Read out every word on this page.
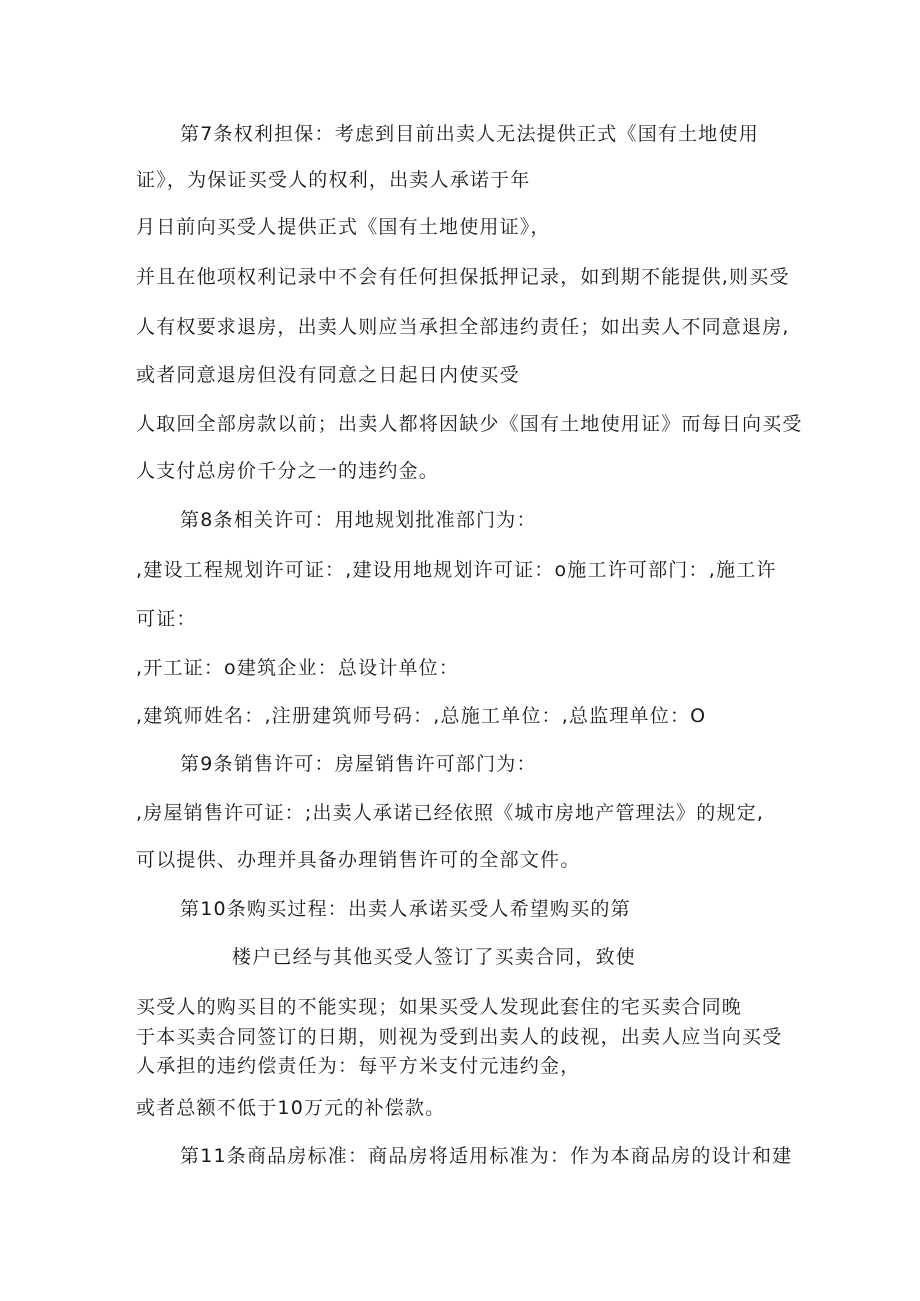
第7条权利担保：考虑到目前出卖人无法提供正式《国有土地使用
证》，为保证买受人的权利，出卖人承诺于年
月日前向买受人提供正式《国有土地使用证》，
并且在他项权利记录中不会有任何担保抵押记录，如到期不能提供,则买受
人有权要求退房，出卖人则应当承担全部违约责任；如出卖人不同意退房,
或者同意退房但没有同意之日起日内使买受
人取回全部房款以前；出卖人都将因缺少《国有土地使用证》而每日向买受
人支付总房价千分之一的违约金。
第8条相关许可：用地规划批准部门为：
,建设工程规划许可证：,建设用地规划许可证：o施工许可部门：,施工许
可证：
,开工证：o建筑企业：总设计单位：
,建筑师姓名：,注册建筑师号码：,总施工单位：,总监理单位：O
第9条销售许可：房屋销售许可部门为：
,房屋销售许可证：;出卖人承诺已经依照《城市房地产管理法》的规定,
可以提供、办理并具备办理销售许可的全部文件。
第10条购买过程：出卖人承诺买受人希望购买的第
楼户已经与其他买受人签订了买卖合同，致使
买受人的购买目的不能实现；如果买受人发现此套住的宅买卖合同晚
于本买卖合同签订的日期，则视为受到出卖人的歧视，出卖人应当向买受
人承担的违约偿责任为：每平方米支付元违约金，
或者总额不低于10万元的补偿款。
第11条商品房标准：商品房将适用标准为：作为本商品房的设计和建
